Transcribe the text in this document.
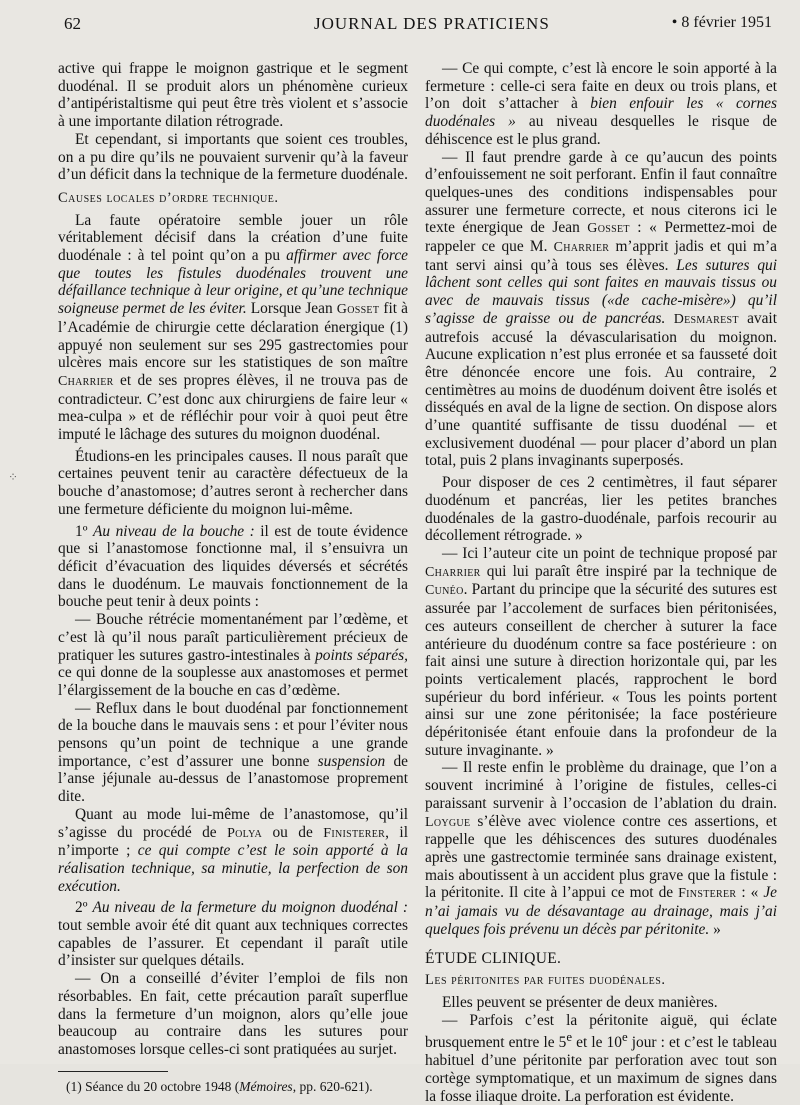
62	JOURNAL DES PRATICIENS	• 8 février 1951
⁘

active qui frappe le moignon gastrique et le segment duodénal. Il se produit alors un phénomène curieux d’antipéristaltisme qui peut être très violent et s’associe à une importante dilation rétrograde.

Et cependant, si importants que soient ces troubles, on a pu dire qu’ils ne pouvaient survenir qu’à la faveur d’un déficit dans la technique de la fermeture duodénale.

Causes locales d’ordre technique.

La faute opératoire semble jouer un rôle véritablement décisif dans la création d’une fuite duodénale : à tel point qu’on a pu affirmer avec force que toutes les fistules duodénales trouvent une défaillance technique à leur origine, et qu’une technique soigneuse permet de les éviter. Lorsque Jean Gosset fit à l’Académie de chirurgie cette déclaration énergique (1) appuyé non seulement sur ses 295 gastrectomies pour ulcères mais encore sur les statistiques de son maître Charrier et de ses propres élèves, il ne trouva pas de contradicteur. C’est donc aux chirurgiens de faire leur « mea-culpa » et de réfléchir pour voir à quoi peut être imputé le lâchage des sutures du moignon duodénal.

Étudions-en les principales causes. Il nous paraît que certaines peuvent tenir au caractère défectueux de la bouche d’anastomose; d’autres seront à rechercher dans une fermeture déficiente du moignon lui-même.

1º Au niveau de la bouche : il est de toute évidence que si l’anastomose fonctionne mal, il s’ensuivra un déficit d’évacuation des liquides déversés et sécrétés dans le duodénum. Le mauvais fonctionnement de la bouche peut tenir à deux points :

— Bouche rétrécie momentanément par l’œdème, et c’est là qu’il nous paraît particulièrement précieux de pratiquer les sutures gastro-intestinales à points séparés, ce qui donne de la souplesse aux anastomoses et permet l’élargissement de la bouche en cas d’œdème.

— Reflux dans le bout duodénal par fonctionnement de la bouche dans le mauvais sens : et pour l’éviter nous pensons qu’un point de technique a une grande importance, c’est d’assurer une bonne suspension de l’anse jéjunale au-dessus de l’anastomose proprement dite.

Quant au mode lui-même de l’anastomose, qu’il s’agisse du procédé de Polya ou de Finisterer, il n’importe ; ce qui compte c’est le soin apporté à la réalisation technique, sa minutie, la perfection de son exécution.

2º Au niveau de la fermeture du moignon duodénal : tout semble avoir été dit quant aux techniques correctes capables de l’assurer. Et cependant il paraît utile d’insister sur quelques détails.

— On a conseillé d’éviter l’emploi de fils non résorbables. En fait, cette précaution paraît superflue dans la fermeture d’un moignon, alors qu’elle joue beaucoup au contraire dans les sutures pour anastomoses lorsque celles-ci sont pratiquées au surjet.

(1) Séance du 20 octobre 1948 (Mémoires, pp. 620-621).

— Ce qui compte, c’est là encore le soin apporté à la fermeture : celle-ci sera faite en deux ou trois plans, et l’on doit s’attacher à bien enfouir les « cornes duodénales » au niveau desquelles le risque de déhiscence est le plus grand.

— Il faut prendre garde à ce qu’aucun des points d’enfouissement ne soit perforant. Enfin il faut connaître quelques-unes des conditions indispensables pour assurer une fermeture correcte, et nous citerons ici le texte énergique de Jean Gosset : « Permettez-moi de rappeler ce que M. Charrier m’apprit jadis et qui m’a tant servi ainsi qu’à tous ses élèves. Les sutures qui lâchent sont celles qui sont faites en mauvais tissus ou avec de mauvais tissus («de cache-misère») qu’il s’agisse de graisse ou de pancréas. Desmarest avait autrefois accusé la dévascularisation du moignon. Aucune explication n’est plus erronée et sa fausseté doit être dénoncée encore une fois. Au contraire, 2 centimètres au moins de duodénum doivent être isolés et disséqués en aval de la ligne de section. On dispose alors d’une quantité suffisante de tissu duodénal — et exclusivement duodénal — pour placer d’abord un plan total, puis 2 plans invaginants superposés.

Pour disposer de ces 2 centimètres, il faut séparer duodénum et pancréas, lier les petites branches duodénales de la gastro-duodénale, parfois recourir au décollement rétrograde. »

— Ici l’auteur cite un point de technique proposé par Charrier qui lui paraît être inspiré par la technique de Cunéo. Partant du principe que la sécurité des sutures est assurée par l’accolement de surfaces bien péritonisées, ces auteurs conseillent de chercher à suturer la face antérieure du duodénum contre sa face postérieure : on fait ainsi une suture à direction horizontale qui, par les points verticalement placés, rapprochent le bord supérieur du bord inférieur. « Tous les points portent ainsi sur une zone péritonisée; la face postérieure dépéritonisée étant enfouie dans la profondeur de la suture invaginante. »

— Il reste enfin le problème du drainage, que l’on a souvent incriminé à l’origine de fistules, celles-ci paraissant survenir à l’occasion de l’ablation du drain. Loygue s’élève avec violence contre ces assertions, et rappelle que les déhiscences des sutures duodénales après une gastrectomie terminée sans drainage existent, mais aboutissent à un accident plus grave que la fistule : la péritonite. Il cite à l’appui ce mot de Finsterer : « Je n’ai jamais vu de désavantage au drainage, mais j’ai quelques fois prévenu un décès par péritonite. »

ÉTUDE CLINIQUE.

Les péritonites par fuites duodénales.

Elles peuvent se présenter de deux manières.

— Parfois c’est la péritonite aiguë, qui éclate brusquement entre le 5e et le 10e jour : et c’est le tableau habituel d’une péritonite par perforation avec tout son cortège symptomatique, et un maximum de signes dans la fosse iliaque droite. La perforation est évidente.
